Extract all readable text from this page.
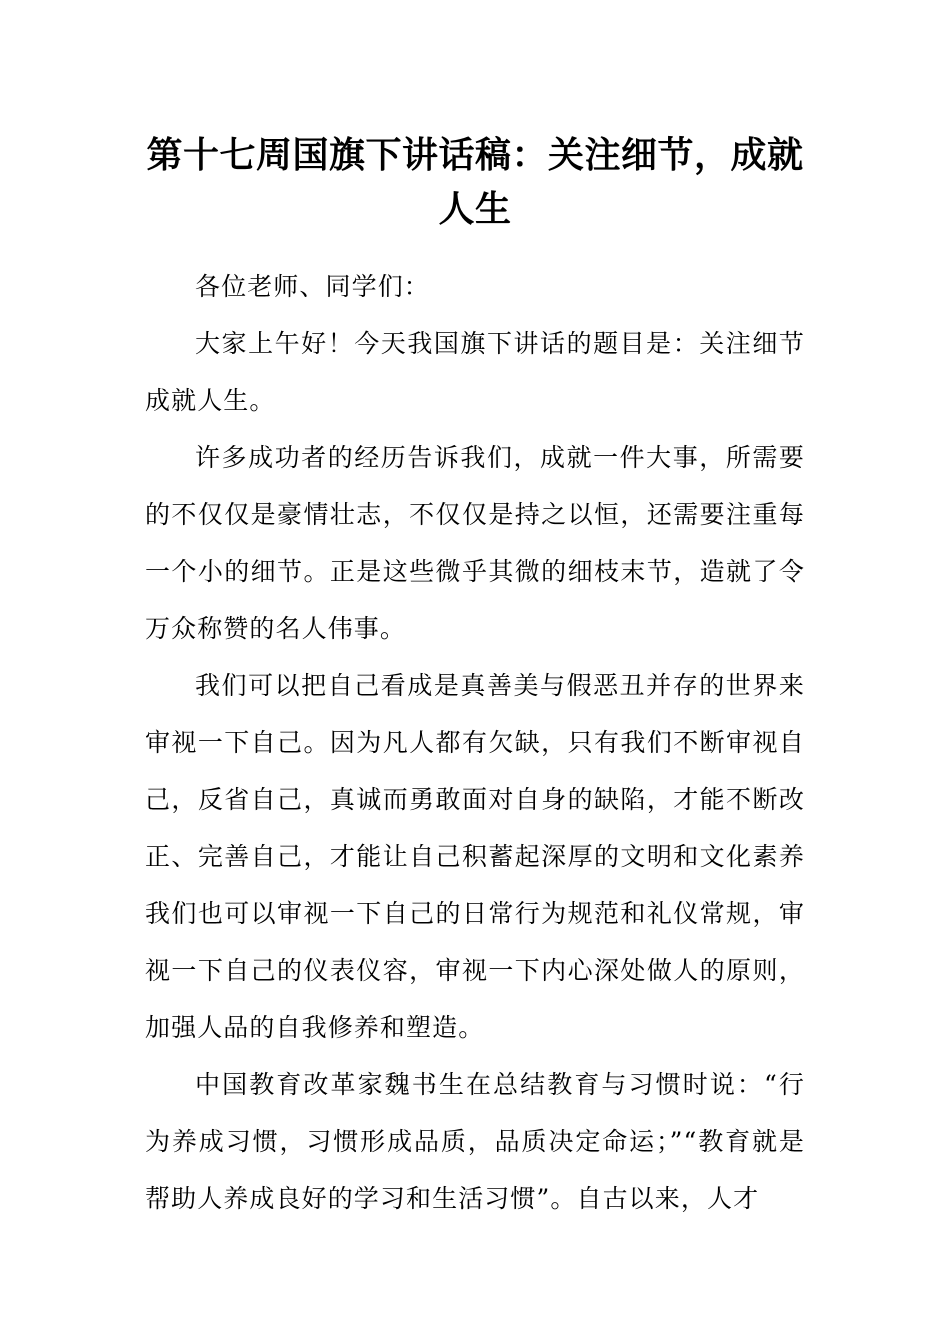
第十七周国旗下讲话稿：关注细节，成就人生

各位老师、同学们：

大家上午好！今天我国旗下讲话的题目是：关注细节成就人生。

许多成功者的经历告诉我们，成就一件大事，所需要的不仅仅是豪情壮志，不仅仅是持之以恒，还需要注重每一个小的细节。正是这些微乎其微的细枝末节，造就了令万众称赞的名人伟事。

我们可以把自己看成是真善美与假恶丑并存的世界来审视一下自己。因为凡人都有欠缺，只有我们不断审视自己，反省自己，真诚而勇敢面对自身的缺陷，才能不断改正、完善自己，才能让自己积蓄起深厚的文明和文化素养我们也可以审视一下自己的日常行为规范和礼仪常规，审视一下自己的仪表仪容，审视一下内心深处做人的原则，加强人品的自我修养和塑造。

中国教育改革家魏书生在总结教育与习惯时说：“行为养成习惯，习惯形成品质，品质决定命运；”“教育就是帮助人养成良好的学习和生活习惯”。自古以来，人才
